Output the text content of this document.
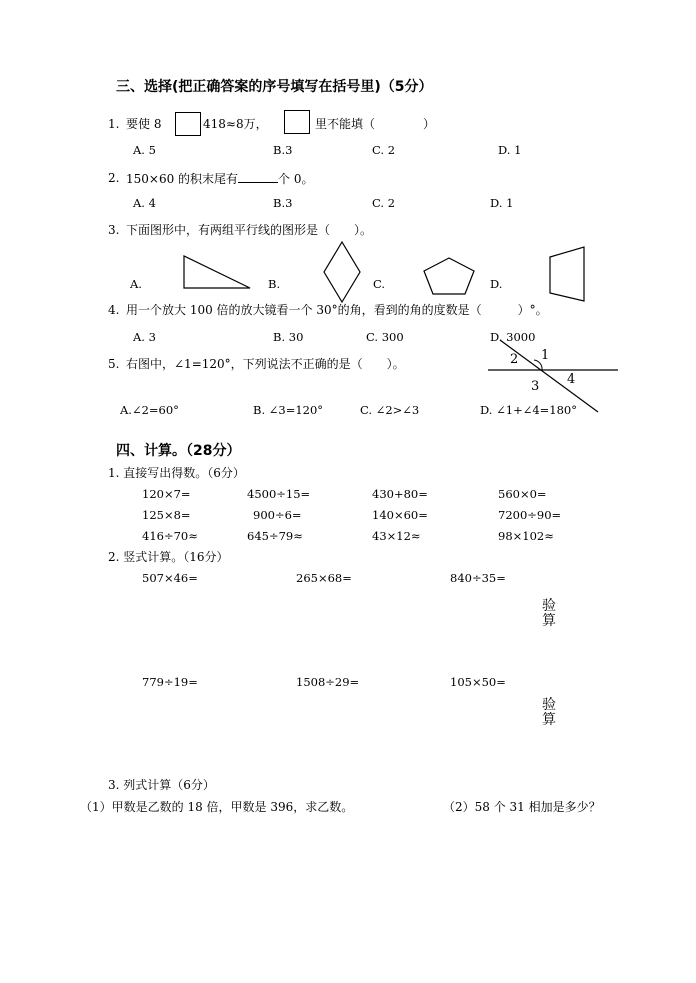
三、选择(把正确答案的序号填写在括号里)（5分）
1. 要使 8	418≈8万，	里不能填（　　　　）
A. 5	B.3	C. 2	D. 1
2. 150×60 的积末尾有	个 0。
A. 4	B.3	C. 2	D. 1
3. 下面图形中，有两组平行线的图形是（　　）。
A.	B.	C.	D.
4. 用一个放大 100 倍的放大镜看一个 30°的角，看到的角的度数是（　　　）°。
A. 3	B. 30	C. 300	D. 3000
5. 右图中，∠1=120°，下列说法不正确的是（　　）。
1
2
3 4
A.∠2=60°	B. ∠3=120°	C. ∠2>∠3	D. ∠1+∠4=180°
四、计算。（28分）
1. 直接写出得数。（6分）
120×7=	4500÷15=	430+80=	560×0=
125×8=	900÷6=	140×60=	7200÷90=
416÷70≈	645÷79≈	43×12≈	98×102≈
2. 竖式计算。（16分）
507×46=	265×68=	840÷35=
验算
779÷19=	1508÷29=	105×50=
验算
3. 列式计算（6分）
（1）甲数是乙数的 18 倍，甲数是 396，求乙数。	（2）58 个 31 相加是多少？
